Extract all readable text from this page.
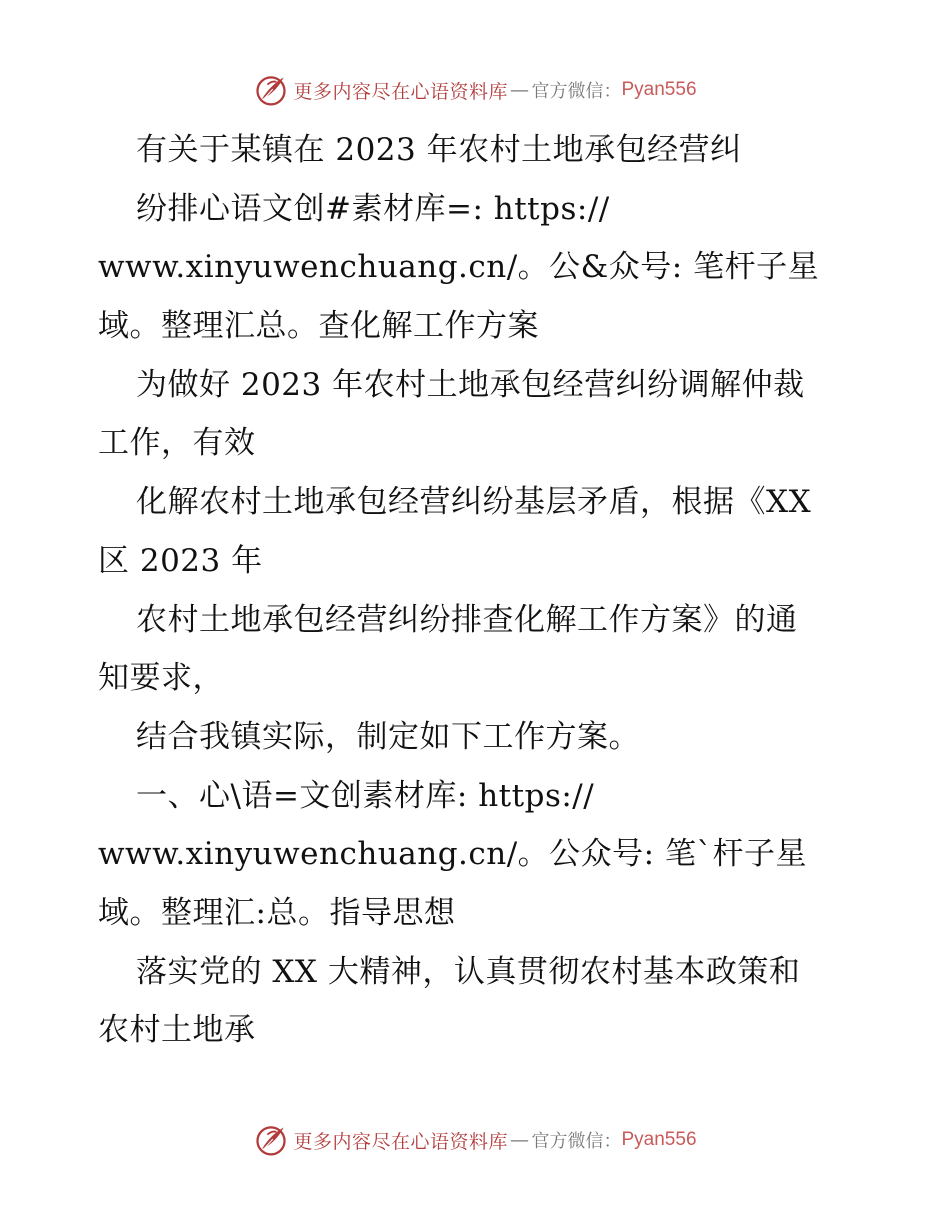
更多内容尽在心语资料库 — 官方微信： Pyan556
有关于某镇在 2023 年农村土地承包经营纠
纷排心语文创#素材库=: https://
www.xinyuwenchuang.cn/。公&众号: 笔杆子星
域。整理汇总。查化解工作方案
为做好 2023 年农村土地承包经营纠纷调解仲裁
工作，有效
化解农村土地承包经营纠纷基层矛盾，根据《XX
区 2023 年
农村土地承包经营纠纷排查化解工作方案》的通
知要求，
结合我镇实际，制定如下工作方案。
一、心\语=文创素材库: https://
www.xinyuwenchuang.cn/。公众号: 笔`杆子星
域。整理汇:总。指导思想
落实党的 XX 大精神，认真贯彻农村基本政策和
农村土地承
更多内容尽在心语资料库 — 官方微信： Pyan556
